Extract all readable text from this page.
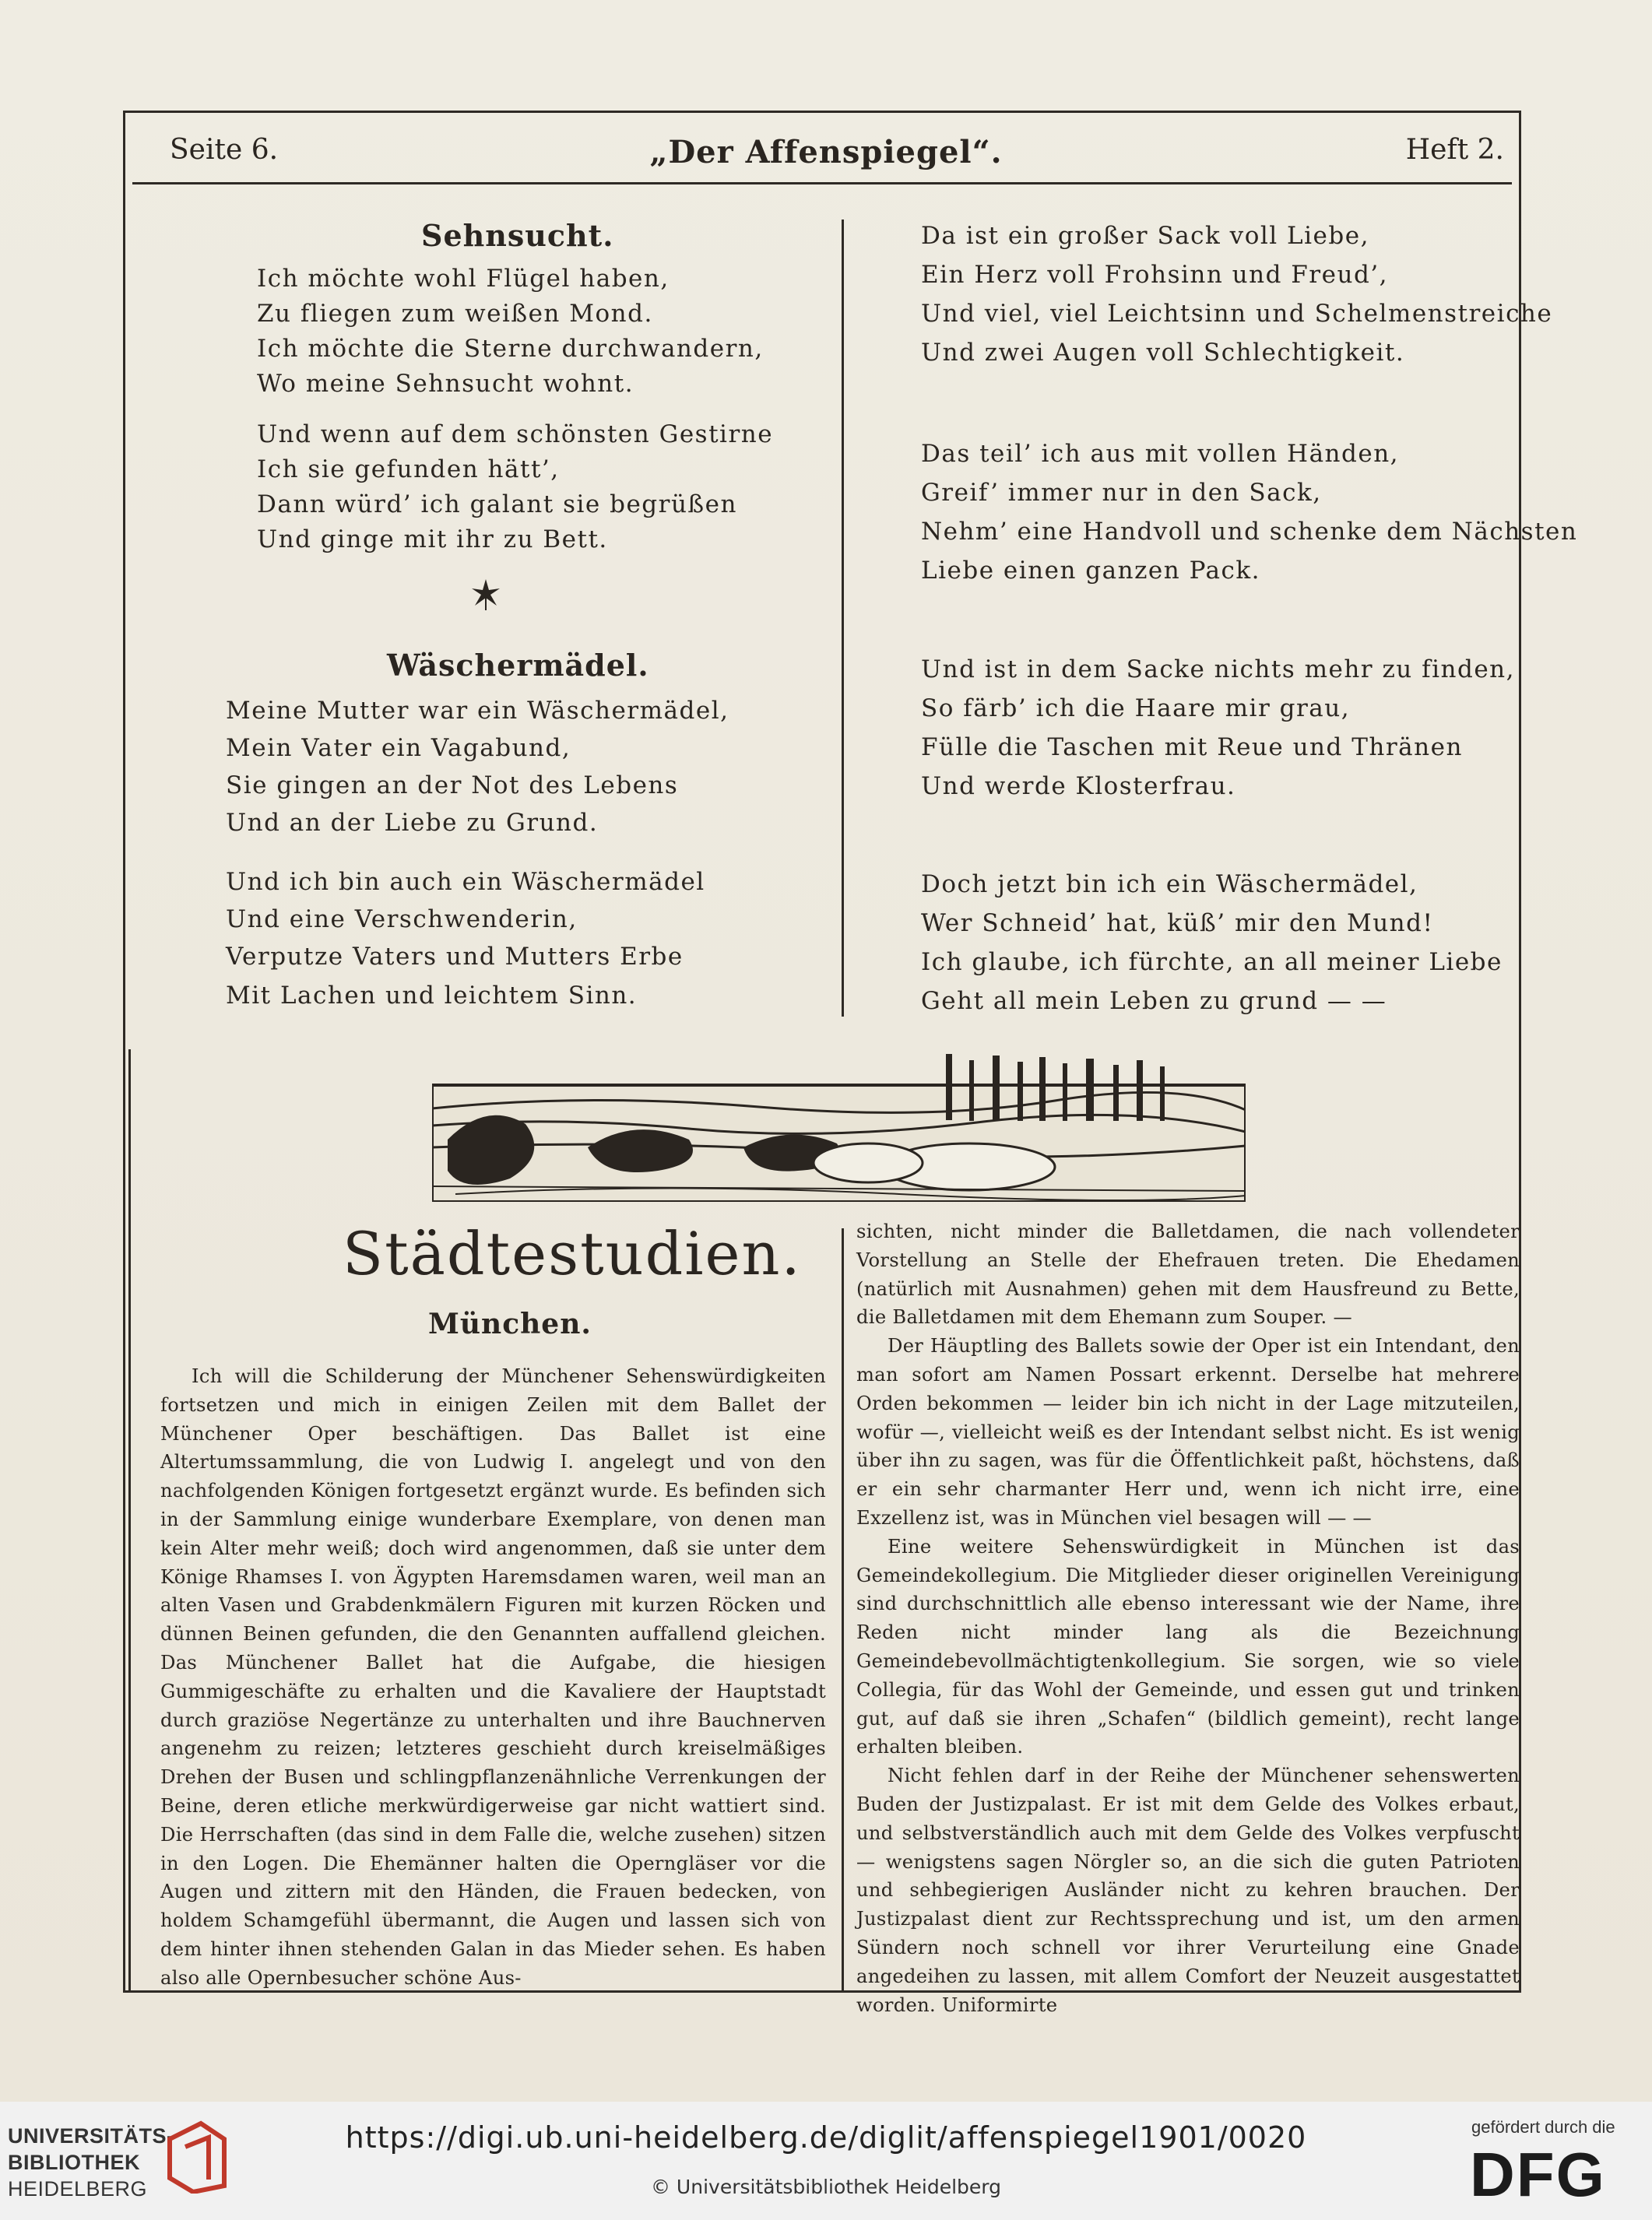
Seite 6.	„Der Affenspiegel“.	Heft 2.
Sehnsucht.
Ich möchte wohl Flügel haben,
Zu fliegen zum weißen Mond.
Ich möchte die Sterne durchwandern,
Wo meine Sehnsucht wohnt.
Und wenn auf dem schönsten Gestirne
Ich sie gefunden hätt’,
Dann würd’ ich galant sie begrüßen
Und ginge mit ihr zu Bett.
Wäschermädel.
Meine Mutter war ein Wäschermädel,
Mein Vater ein Vagabund,
Sie gingen an der Not des Lebens
Und an der Liebe zu Grund.
Und ich bin auch ein Wäschermädel
Und eine Verschwenderin,
Verputze Vaters und Mutters Erbe
Mit Lachen und leichtem Sinn.
Da ist ein großer Sack voll Liebe,
Ein Herz voll Frohsinn und Freud’,
Und viel, viel Leichtsinn und Schelmenstreiche
Und zwei Augen voll Schlechtigkeit.
Das teil’ ich aus mit vollen Händen,
Greif’ immer nur in den Sack,
Nehm’ eine Handvoll und schenke dem Nächsten
Liebe einen ganzen Pack.
Und ist in dem Sacke nichts mehr zu finden,
So färb’ ich die Haare mir grau,
Fülle die Taschen mit Reue und Thränen
Und werde Klosterfrau.
Doch jetzt bin ich ein Wäschermädel,
Wer Schneid’ hat, küß’ mir den Mund!
Ich glaube, ich fürchte, an all meiner Liebe
Geht all mein Leben zu grund — —
Städtestudien.
München.

Ich will die Schilderung der Münchener Sehenswürdigkeiten fortsetzen und mich in einigen Zeilen mit dem Ballet der Münchener Oper beschäftigen. Das Ballet ist eine Altertumssammlung, die von Ludwig I. angelegt und von den nachfolgenden Königen fortgesetzt ergänzt wurde. Es befinden sich in der Sammlung einige wunderbare Exemplare, von denen man kein Alter mehr weiß; doch wird angenommen, daß sie unter dem Könige Rhamses I. von Ägypten Haremsdamen waren, weil man an alten Vasen und Grabdenkmälern Figuren mit kurzen Röcken und dünnen Beinen gefunden, die den Genannten auffallend gleichen. Das Münchener Ballet hat die Aufgabe, die hiesigen Gummigeschäfte zu erhalten und die Kavaliere der Hauptstadt durch graziöse Negertänze zu unterhalten und ihre Bauchnerven angenehm zu reizen; letzteres geschieht durch kreiselmäßiges Drehen der Busen und schlingpflanzenähnliche Verrenkungen der Beine, deren etliche merkwürdigerweise gar nicht wattiert sind. Die Herrschaften (das sind in dem Falle die, welche zusehen) sitzen in den Logen. Die Ehemänner halten die Operngläser vor die Augen und zittern mit den Händen, die Frauen bedecken, von holdem Schamgefühl übermannt, die Augen und lassen sich von dem hinter ihnen stehenden Galan in das Mieder sehen. Es haben also alle Opernbesucher schöne Aus-

sichten, nicht minder die Balletdamen, die nach vollendeter Vorstellung an Stelle der Ehefrauen treten. Die Ehedamen (natürlich mit Ausnahmen) gehen mit dem Hausfreund zu Bette, die Balletdamen mit dem Ehemann zum Souper. —

Der Häuptling des Ballets sowie der Oper ist ein Intendant, den man sofort am Namen Possart erkennt. Derselbe hat mehrere Orden bekommen — leider bin ich nicht in der Lage mitzuteilen, wofür —, vielleicht weiß es der Intendant selbst nicht. Es ist wenig über ihn zu sagen, was für die Öffentlichkeit paßt, höchstens, daß er ein sehr charmanter Herr und, wenn ich nicht irre, eine Exzellenz ist, was in München viel besagen will — —

Eine weitere Sehenswürdigkeit in München ist das Gemeindekollegium. Die Mitglieder dieser originellen Vereinigung sind durchschnittlich alle ebenso interessant wie der Name, ihre Reden nicht minder lang als die Bezeichnung Gemeindebevollmächtigtenkollegium. Sie sorgen, wie so viele Collegia, für das Wohl der Gemeinde, und essen gut und trinken gut, auf daß sie ihren „Schafen“ (bildlich gemeint), recht lange erhalten bleiben.

Nicht fehlen darf in der Reihe der Münchener sehenswerten Buden der Justizpalast. Er ist mit dem Gelde des Volkes erbaut, und selbstverständlich auch mit dem Gelde des Volkes verpfuscht — wenigstens sagen Nörgler so, an die sich die guten Patrioten und sehbegierigen Ausländer nicht zu kehren brauchen. Der Justizpalast dient zur Rechtssprechung und ist, um den armen Sündern noch schnell vor ihrer Verurteilung eine Gnade angedeihen zu lassen, mit allem Comfort der Neuzeit ausgestattet worden. Uniformirte

UNIVERSITÄTS-
BIBLIOTHEK
HEIDELBERG
https://digi.ub.uni-heidelberg.de/diglit/affenspiegel1901/0020
© Universitätsbibliothek Heidelberg
gefördert durch die
DFG
